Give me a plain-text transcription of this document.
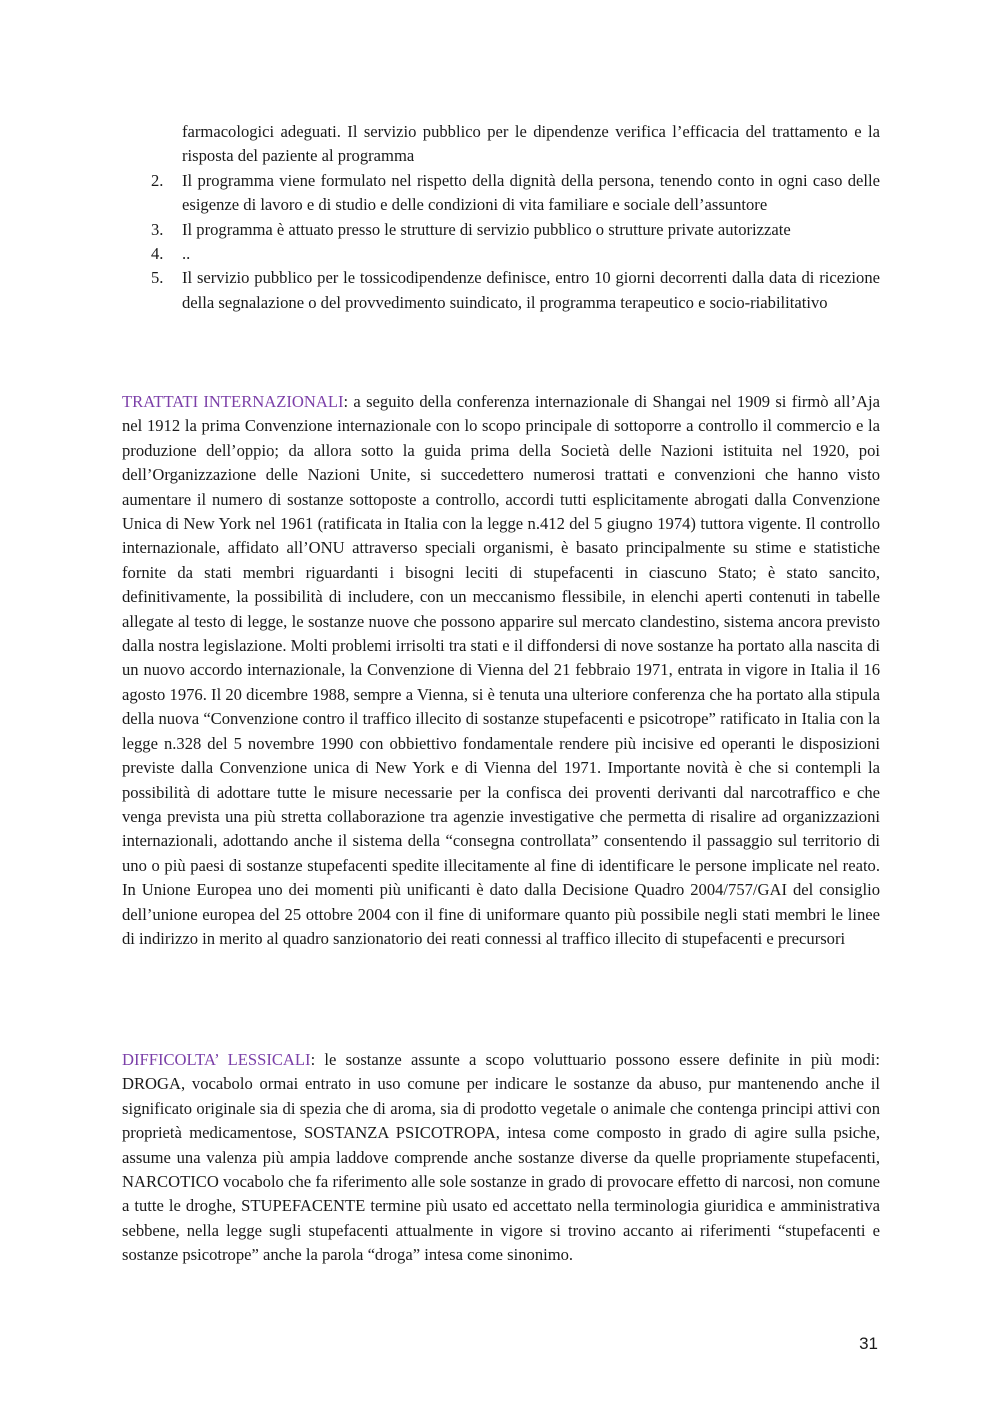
farmacologici adeguati. Il servizio pubblico per le dipendenze verifica l’efficacia del trattamento e la risposta del paziente al programma
2.	Il programma viene formulato nel rispetto della dignità della persona, tenendo conto in ogni caso delle esigenze di lavoro e di studio e delle condizioni di vita familiare e sociale dell’assuntore
3.	Il programma è attuato presso le strutture di servizio pubblico o strutture private autorizzate
4.	..
5.	Il servizio pubblico per le tossicodipendenze definisce, entro 10 giorni decorrenti dalla data di ricezione della segnalazione o del provvedimento suindicato, il programma terapeutico e socio-riabilitativo

TRATTATI INTERNAZIONALI: a seguito della conferenza internazionale di Shangai nel 1909 si firmò all’Aja nel 1912 la prima Convenzione internazionale con lo scopo principale di sottoporre a controllo il commercio e la produzione dell’oppio; da allora sotto la guida prima della Società delle Nazioni istituita nel 1920, poi dell’Organizzazione delle Nazioni Unite, si succedettero numerosi trattati e convenzioni che hanno visto aumentare il numero di sostanze sottoposte a controllo, accordi tutti esplicitamente abrogati dalla Convenzione Unica di New York nel 1961 (ratificata in Italia con la legge n.412 del 5 giugno 1974) tuttora vigente. Il controllo internazionale, affidato all’ONU attraverso speciali organismi, è basato principalmente su stime e statistiche fornite da stati membri riguardanti i bisogni leciti di stupefacenti in ciascuno Stato; è stato sancito, definitivamente, la possibilità di includere, con un meccanismo flessibile, in elenchi aperti contenuti in tabelle allegate al testo di legge, le sostanze nuove che possono apparire sul mercato clandestino, sistema ancora previsto dalla nostra legislazione. Molti problemi irrisolti tra stati e il diffondersi di nove sostanze ha portato alla nascita di un nuovo accordo internazionale, la Convenzione di Vienna del 21 febbraio 1971, entrata in vigore in Italia il 16 agosto 1976. Il 20 dicembre 1988, sempre a Vienna, si è tenuta una ulteriore conferenza che ha portato alla stipula della nuova “Convenzione contro il traffico illecito di sostanze stupefacenti e psicotrope” ratificato in Italia con la legge n.328 del 5 novembre 1990 con obbiettivo fondamentale rendere più incisive ed operanti le disposizioni previste dalla Convenzione unica di New York e di Vienna del 1971. Importante novità è che si contempli la possibilità di adottare tutte le misure necessarie per la confisca dei proventi derivanti dal narcotraffico e che venga prevista una più stretta collaborazione tra agenzie investigative che permetta di risalire ad organizzazioni internazionali, adottando anche il sistema della “consegna controllata” consentendo il passaggio sul territorio di uno o più paesi di sostanze stupefacenti spedite illecitamente al fine di identificare le persone implicate nel reato. In Unione Europea uno dei momenti più unificanti è dato dalla Decisione Quadro 2004/757/GAI del consiglio dell’unione europea del 25 ottobre 2004 con il fine di uniformare quanto più possibile negli stati membri le linee di indirizzo in merito al quadro sanzionatorio dei reati connessi al traffico illecito di stupefacenti e precursori

DIFFICOLTA’ LESSICALI: le sostanze assunte a scopo voluttuario possono essere definite in più modi: DROGA, vocabolo ormai entrato in uso comune per indicare le sostanze da abuso, pur mantenendo anche il significato originale sia di spezia che di aroma, sia di prodotto vegetale o animale che contenga principi attivi con proprietà medicamentose, SOSTANZA PSICOTROPA, intesa come composto in grado di agire sulla psiche, assume una valenza più ampia laddove comprende anche sostanze diverse da quelle propriamente stupefacenti, NARCOTICO vocabolo che fa riferimento alle sole sostanze in grado di provocare effetto di narcosi, non comune a tutte le droghe, STUPEFACENTE termine più usato ed accettato nella terminologia giuridica e amministrativa sebbene, nella legge sugli stupefacenti attualmente in vigore si trovino accanto ai riferimenti “stupefacenti e sostanze psicotrope” anche la parola “droga” intesa come sinonimo.

31
